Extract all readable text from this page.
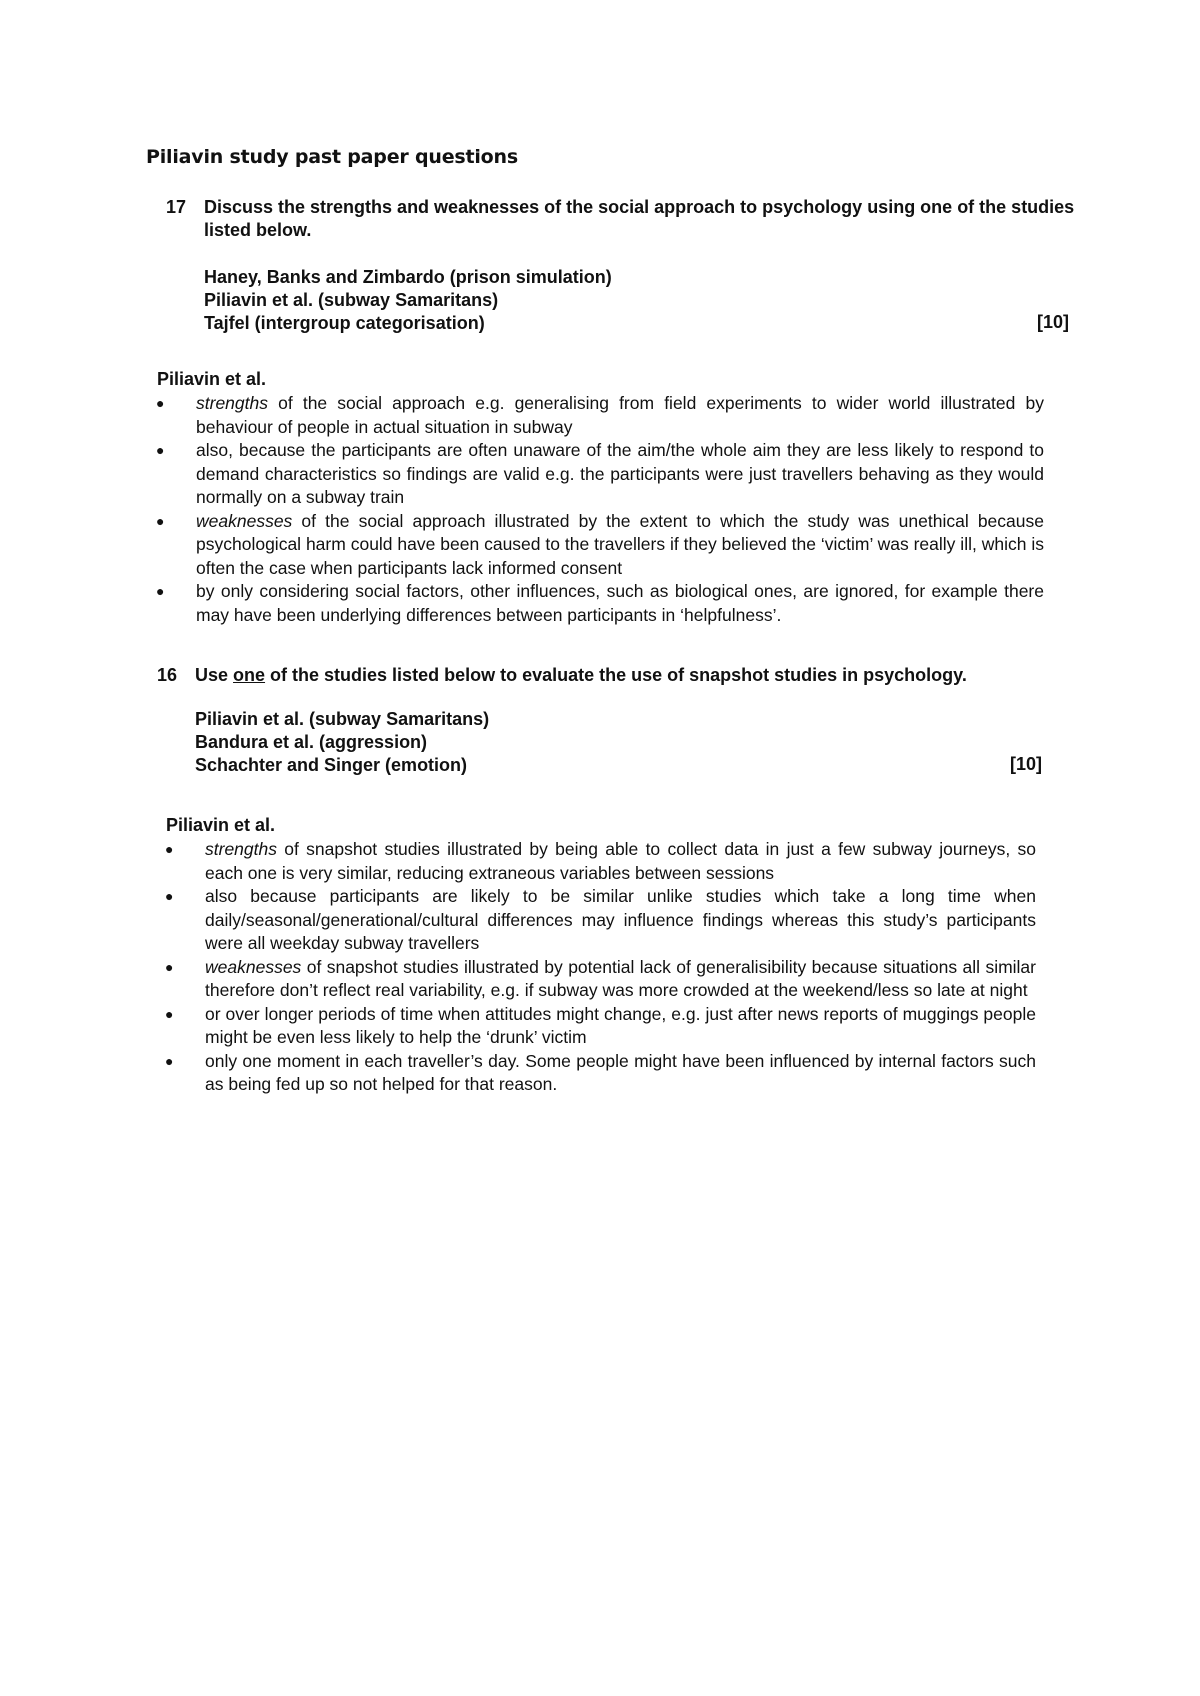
Piliavin study past paper questions
17 Discuss the strengths and weaknesses of the social approach to psychology using one of the studies listed below.
Haney, Banks and Zimbardo (prison simulation)
Piliavin et al. (subway Samaritans)
Tajfel (intergroup categorisation)	[10]
Piliavin et al.
● strengths of the social approach e.g. generalising from field experiments to wider world illustrated by behaviour of people in actual situation in subway
● also, because the participants are often unaware of the aim/the whole aim they are less likely to respond to demand characteristics so findings are valid e.g. the participants were just travellers behaving as they would normally on a subway train
● weaknesses of the social approach illustrated by the extent to which the study was unethical because psychological harm could have been caused to the travellers if they believed the ‘victim’ was really ill, which is often the case when participants lack informed consent
● by only considering social factors, other influences, such as biological ones, are ignored, for example there may have been underlying differences between participants in ‘helpfulness’.
16 Use one of the studies listed below to evaluate the use of snapshot studies in psychology.
Piliavin et al. (subway Samaritans)
Bandura et al. (aggression)
Schachter and Singer (emotion)	[10]
Piliavin et al.
● strengths of snapshot studies illustrated by being able to collect data in just a few subway journeys, so each one is very similar, reducing extraneous variables between sessions
● also because participants are likely to be similar unlike studies which take a long time when daily/seasonal/generational/cultural differences may influence findings whereas this study’s participants were all weekday subway travellers
● weaknesses of snapshot studies illustrated by potential lack of generalisibility because situations all similar therefore don’t reflect real variability, e.g. if subway was more crowded at the weekend/less so late at night
● or over longer periods of time when attitudes might change, e.g. just after news reports of muggings people might be even less likely to help the ‘drunk’ victim
● only one moment in each traveller’s day. Some people might have been influenced by internal factors such as being fed up so not helped for that reason.
